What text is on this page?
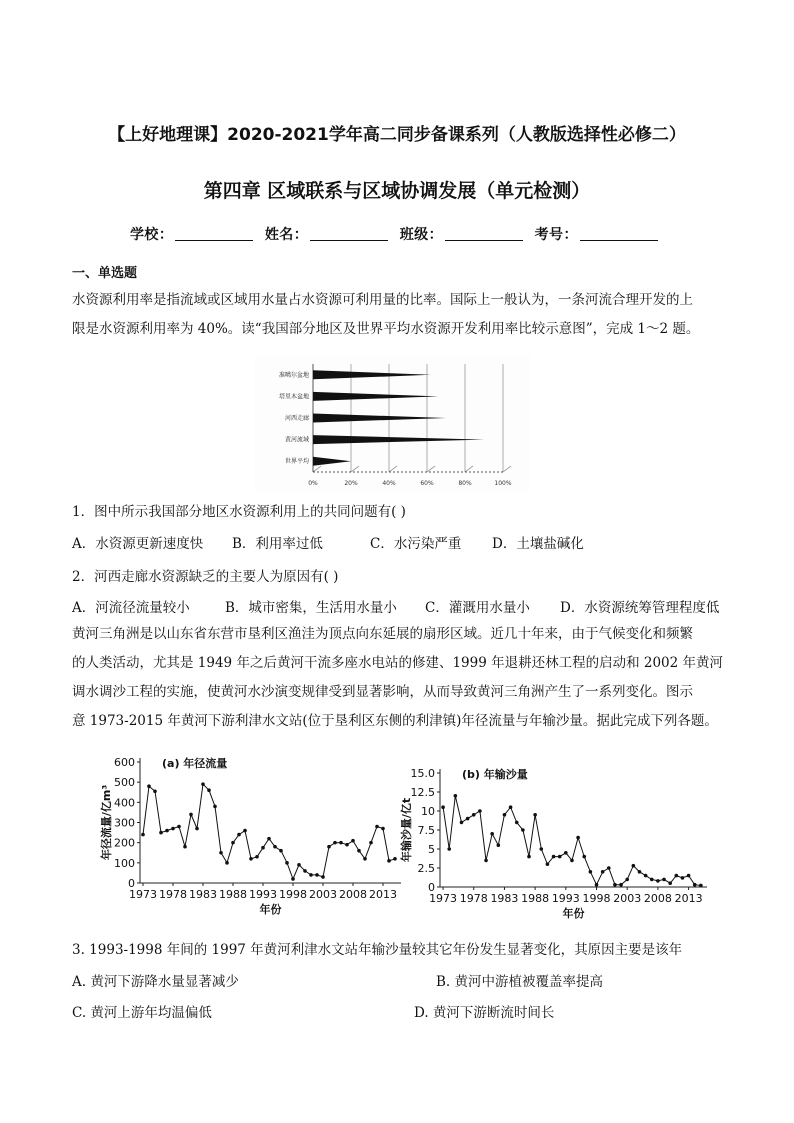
【上好地理课】2020-2021学年高二同步备课系列（人教版选择性必修二）
第四章 区域联系与区域协调发展（单元检测）
学校：	姓名：	班级：	考号：
一、单选题
水资源利用率是指流域或区域用水量占水资源可利用量的比率。国际上一般认为，一条河流合理开发的上
限是水资源利用率为 40%。读“我国部分地区及世界平均水资源开发利用率比较示意图”，完成 1～2 题。
0%	20%	40%	60%	80%	100%
准噶尔盆地
塔里木盆地
河西走廊
黄河流域
世界平均
1．图中所示我国部分地区水资源利用上的共同问题有( )
A．水资源更新速度快 B．利用率过低	C．水污染严重 D．土壤盐碱化
2．河西走廊水资源缺乏的主要人为原因有( )
A．河流径流量较小	B．城市密集，生活用水量小 C．灌溉用水量小 D．水资源统筹管理程度低
黄河三角洲是以山东省东营市垦利区渔洼为顶点向东延展的扇形区域。近几十年来，由于气候变化和频繁
的人类活动，尤其是 1949 年之后黄河干流多座水电站的修建、1999 年退耕还林工程的启动和 2002 年黄河
调水调沙工程的实施，使黄河水沙演变规律受到显著影响，从而导致黄河三角洲产生了一系列变化。图示
意 1973-2015 年黄河下游利津水文站(位于垦利区东侧的利津镇)年径流量与年输沙量。据此完成下列各题。
0
100
200
300
400
500
600
1973 1978 1983 1988 1993 1998 2003 2008 2013
年份
年径流量/亿m³
(a) 年径流量
0
2.5
5
7.5
10
12.5
15.0
1973 1978 1983 1988 1993 1998 2003 2008 2013
年份
年输沙量/亿t
(b) 年输沙量
3. 1993-1998 年间的 1997 年黄河利津水文站年输沙量较其它年份发生显著变化，其原因主要是该年
A. 黄河下游降水量显著减少	B. 黄河中游植被覆盖率提高
C. 黄河上游年均温偏低	D. 黄河下游断流时间长
